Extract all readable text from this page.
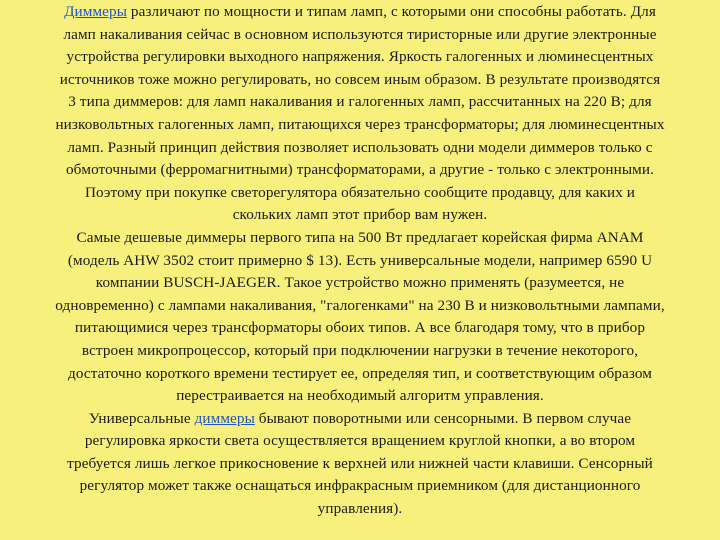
Диммеры различают по мощности и типам ламп, с которыми они способны работать. Для
ламп накаливания сейчас в основном используются тиристорные или другие электронные
устройства регулировки выходного напряжения. Яркость галогенных и люминесцентных
источников тоже можно регулировать, но совсем иным образом. В результате производятся
3 типа диммеров: для ламп накаливания и галогенных ламп, рассчитанных на 220 В; для
низковольтных галогенных ламп, питающихся через трансформаторы; для люминесцентных
ламп. Разный принцип действия позволяет использовать одни модели диммеров только с
обмоточными (ферромагнитными) трансформаторами, а другие - только с электронными.
Поэтому при покупке светорегулятора обязательно сообщите продавцу, для каких и
скольких ламп этот прибор вам нужен.
Самые дешевые диммеры первого типа на 500 Вт предлагает корейская фирма ANAM
(модель AHW 3502 стоит примерно $ 13). Есть универсальные модели, например 6590 U
компании BUSCH-JAEGER. Такое устройство можно применять (разумеется, не
одновременно) с лампами накаливания, "галогенками" на 230 В и низковольтными лампами,
питающимися через трансформаторы обоих типов. А все благодаря тому, что в прибор
встроен микропроцессор, который при подключении нагрузки в течение некоторого,
достаточно короткого времени тестирует ее, определяя тип, и соответствующим образом
перестраивается на необходимый алгоритм управления.
Универсальные диммеры бывают поворотными или сенсорными. В первом случае
регулировка яркости света осуществляется вращением круглой кнопки, а во втором
требуется лишь легкое прикосновение к верхней или нижней части клавиши. Сенсорный
регулятор может также оснащаться инфракрасным приемником (для дистанционного
управления).
